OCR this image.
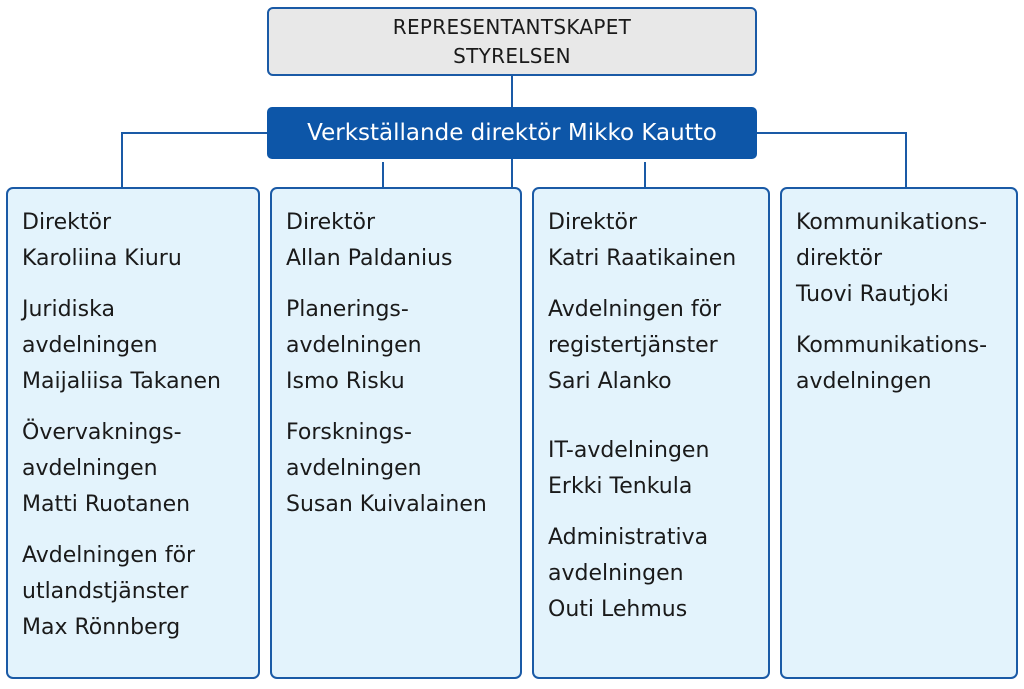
REPRESENTANTSKAPET
STYRELSEN
Verkställande direktör Mikko Kautto
Direktör
Karoliina Kiuru
Juridiska
avdelningen
Maijaliisa Takanen
Övervaknings-
avdelningen
Matti Ruotanen
Avdelningen för
utlandstjänster
Max Rönnberg
Direktör
Allan Paldanius
Planerings-
avdelningen
Ismo Risku
Forsknings-
avdelningen
Susan Kuivalainen
Direktör
Katri Raatikainen
Avdelningen för
registertjänster
Sari Alanko
IT-avdelningen
Erkki Tenkula
Administrativa
avdelningen
Outi Lehmus
Kommunikations-
direktör
Tuovi Rautjoki
Kommunikations-
avdelningen
